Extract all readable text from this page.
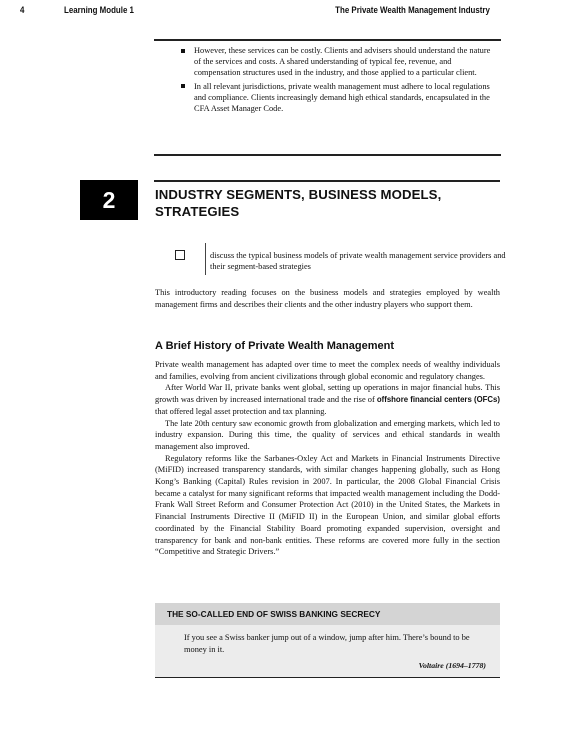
4	Learning Module 1	The Private Wealth Management Industry
However, these services can be costly. Clients and advisers should understand the nature of the services and costs. A shared understanding of typical fee, revenue, and compensation structures used in the industry, and those applied to a particular client.
In all relevant jurisdictions, private wealth management must adhere to local regulations and compliance. Clients increasingly demand high ethical standards, encapsulated in the CFA Asset Manager Code.
2	INDUSTRY SEGMENTS, BUSINESS MODELS, STRATEGIES
discuss the typical business models of private wealth management service providers and their segment-based strategies
This introductory reading focuses on the business models and strategies employed by wealth management firms and describes their clients and the other industry players who support them.
A Brief History of Private Wealth Management

Private wealth management has adapted over time to meet the complex needs of wealthy individuals and families, evolving from ancient civilizations through global economic and regulatory changes.

After World War II, private banks went global, setting up operations in major financial hubs. This growth was driven by increased international trade and the rise of offshore financial centers (OFCs) that offered legal asset protection and tax planning.

The late 20th century saw economic growth from globalization and emerging markets, which led to industry expansion. During this time, the quality of services and ethical standards in wealth management also improved.

Regulatory reforms like the Sarbanes-Oxley Act and Markets in Financial Instruments Directive (MiFID) increased transparency standards, with similar changes happening globally, such as Hong Kong’s Banking (Capital) Rules revision in 2007. In particular, the 2008 Global Financial Crisis became a catalyst for many significant reforms that impacted wealth management including the Dodd-Frank Wall Street Reform and Consumer Protection Act (2010) in the United States, the Markets in Financial Instruments Directive II (MiFID II) in the European Union, and similar global efforts coordinated by the Financial Stability Board promoting expanded supervision, oversight and transparency for bank and non-bank entities. These reforms are covered more fully in the section “Competitive and Strategic Drivers.”

THE SO-CALLED END OF SWISS BANKING SECRECY
If you see a Swiss banker jump out of a window, jump after him. There’s bound to be money in it.
Voltaire (1694–1778)
